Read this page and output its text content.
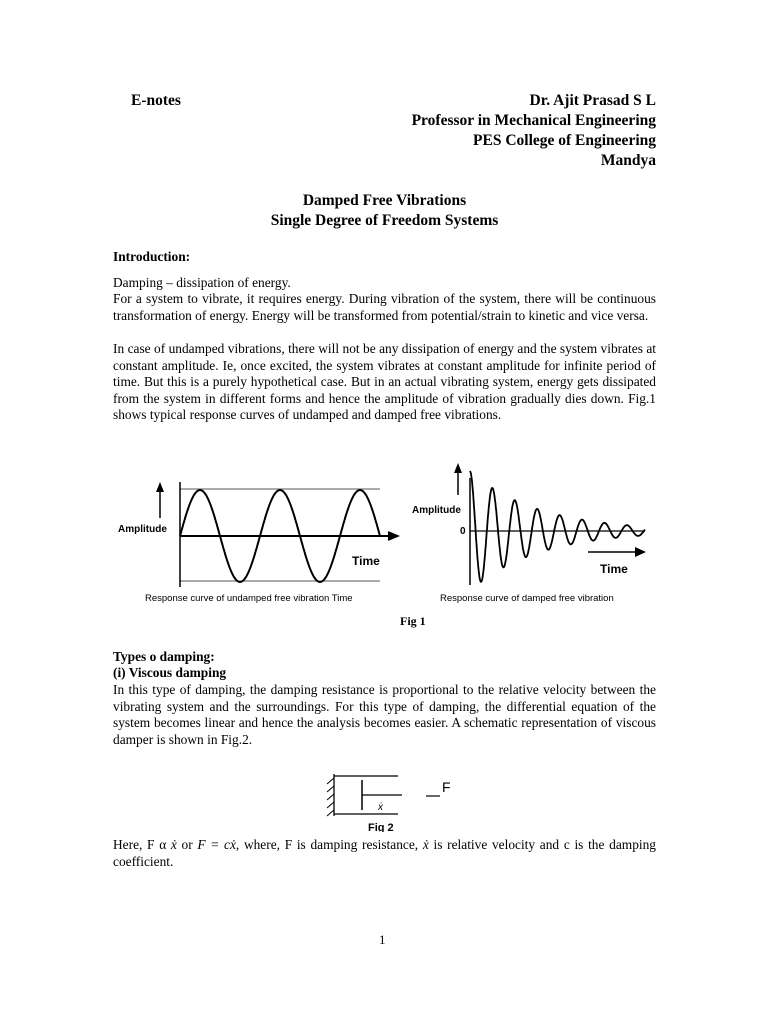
E-notes	Dr. Ajit Prasad S L
Professor in Mechanical Engineering
PES College of Engineering
Mandya
Damped Free Vibrations
Single Degree of Freedom Systems
Introduction:
Damping – dissipation of energy.
For a system to vibrate, it requires energy. During vibration of the system, there will be continuous transformation of energy. Energy will be transformed from potential/strain to kinetic and vice versa.
In case of undamped vibrations, there will not be any dissipation of energy and the system vibrates at constant amplitude. Ie, once excited, the system vibrates at constant amplitude for infinite period of time. But this is a purely hypothetical case. But in an actual vibrating system, energy gets dissipated from the system in different forms and hence the amplitude of vibration gradually dies down. Fig.1 shows typical response curves of undamped and damped free vibrations.
Amplitude
Time
Response curve of undamped free vibration Time
Amplitude
0
Time
Response curve of damped free vibration
Fig 1
Types o damping:
(i) Viscous damping
In this type of damping, the damping resistance is proportional to the relative velocity between the vibrating system and the surroundings. For this type of damping, the differential equation of the system becomes linear and hence the analysis becomes easier. A schematic representation of viscous damper is shown in Fig.2.
F
ẋ
Fig 2
Here, F α ẋ or F = cẋ, where, F is damping resistance, ẋ is relative velocity and c is the damping coefficient.
1
